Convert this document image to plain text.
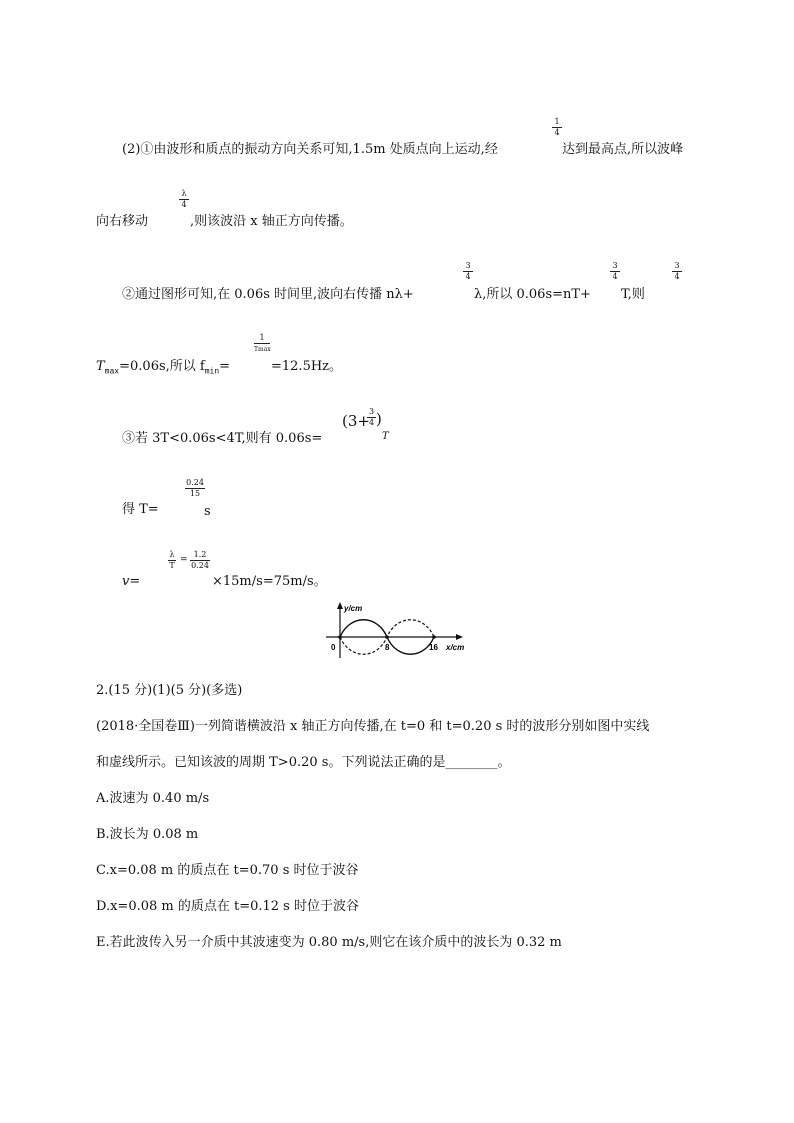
(2)①由波形和质点的振动方向关系可知,1.5m 处质点向上运动,经
1
4
达到最高点,所以波峰
向右移动
λ
4
,则该波沿 x 轴正方向传播。
②通过图形可知,在 0.06s 时间里,波向右传播 nλ+
3
4
λ,所以 0.06s=nT+
3
4
T,则
3
4
$T_{max}=0.06s$,所以 $f_{min}=$
1
Tmax
=12.5Hz。
③若 3T<0.06s<4T,则有 0.06s=
(3+
3
4 )
T
得 T=
0.24
15
s
v=
λ
T
=
1.2
0.24
×15m/s=75m/s。
y/cm
x/cm
0	8	16
2.(15 分)(1)(5 分)(多选)
(2018·全国卷Ⅲ)一列简谐横波沿 x 轴正方向传播,在 t=0 和 t=0.20 s 时的波形分别如图中实线
和虚线所示。已知该波的周期 T>0.20 s。下列说法正确的是________。
A.波速为 0.40 m/s
B.波长为 0.08 m
C.x=0.08 m 的质点在 t=0.70 s 时位于波谷
D.x=0.08 m 的质点在 t=0.12 s 时位于波谷
E.若此波传入另一介质中其波速变为 0.80 m/s,则它在该介质中的波长为 0.32 m
